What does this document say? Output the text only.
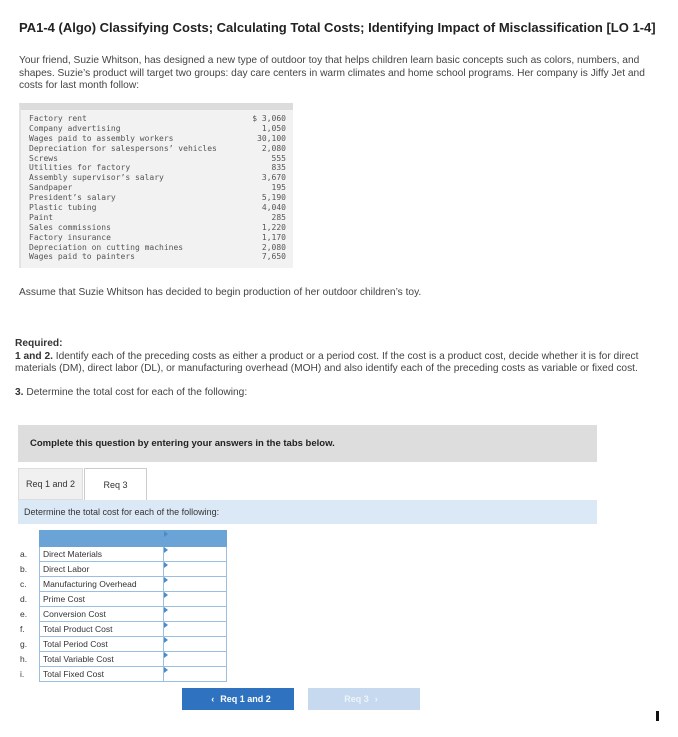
PA1-4 (Algo) Classifying Costs; Calculating Total Costs; Identifying Impact of Misclassification [LO 1-4]
Your friend, Suzie Whitson, has designed a new type of outdoor toy that helps children learn basic concepts such as colors, numbers, and shapes. Suzie’s product will target two groups: day care centers in warm climates and home school programs. Her company is Jiffy Jet and costs for last month follow:
Factory rent	$ 3,060
Company advertising	1,050
Wages paid to assembly workers	30,100
Depreciation for salespersons’ vehicles	2,080
Screws	555
Utilities for factory	835
Assembly supervisor’s salary	3,670
Sandpaper	195
President’s salary	5,190
Plastic tubing	4,040
Paint	285
Sales commissions	1,220
Factory insurance	1,170
Depreciation on cutting machines	2,080
Wages paid to painters	7,650
Assume that Suzie Whitson has decided to begin production of her outdoor children’s toy.
Required:
1 and 2. Identify each of the preceding costs as either a product or a period cost. If the cost is a product cost, decide whether it is for direct materials (DM), direct labor (DL), or manufacturing overhead (MOH) and also identify each of the preceding costs as variable or fixed cost.
3. Determine the total cost for each of the following:
Complete this question by entering your answers in the tabs below.
Req 1 and 2	Req 3
Determine the total cost for each of the following:

a.	Direct Materials	
b.	Direct Labor	
c.	Manufacturing Overhead	
d.	Prime Cost	
e.	Conversion Cost	
f.	Total Product Cost	
g.	Total Period Cost	
h.	Total Variable Cost	
i.	Total Fixed Cost	
‹ Req 1 and 2	Req 3 ›
